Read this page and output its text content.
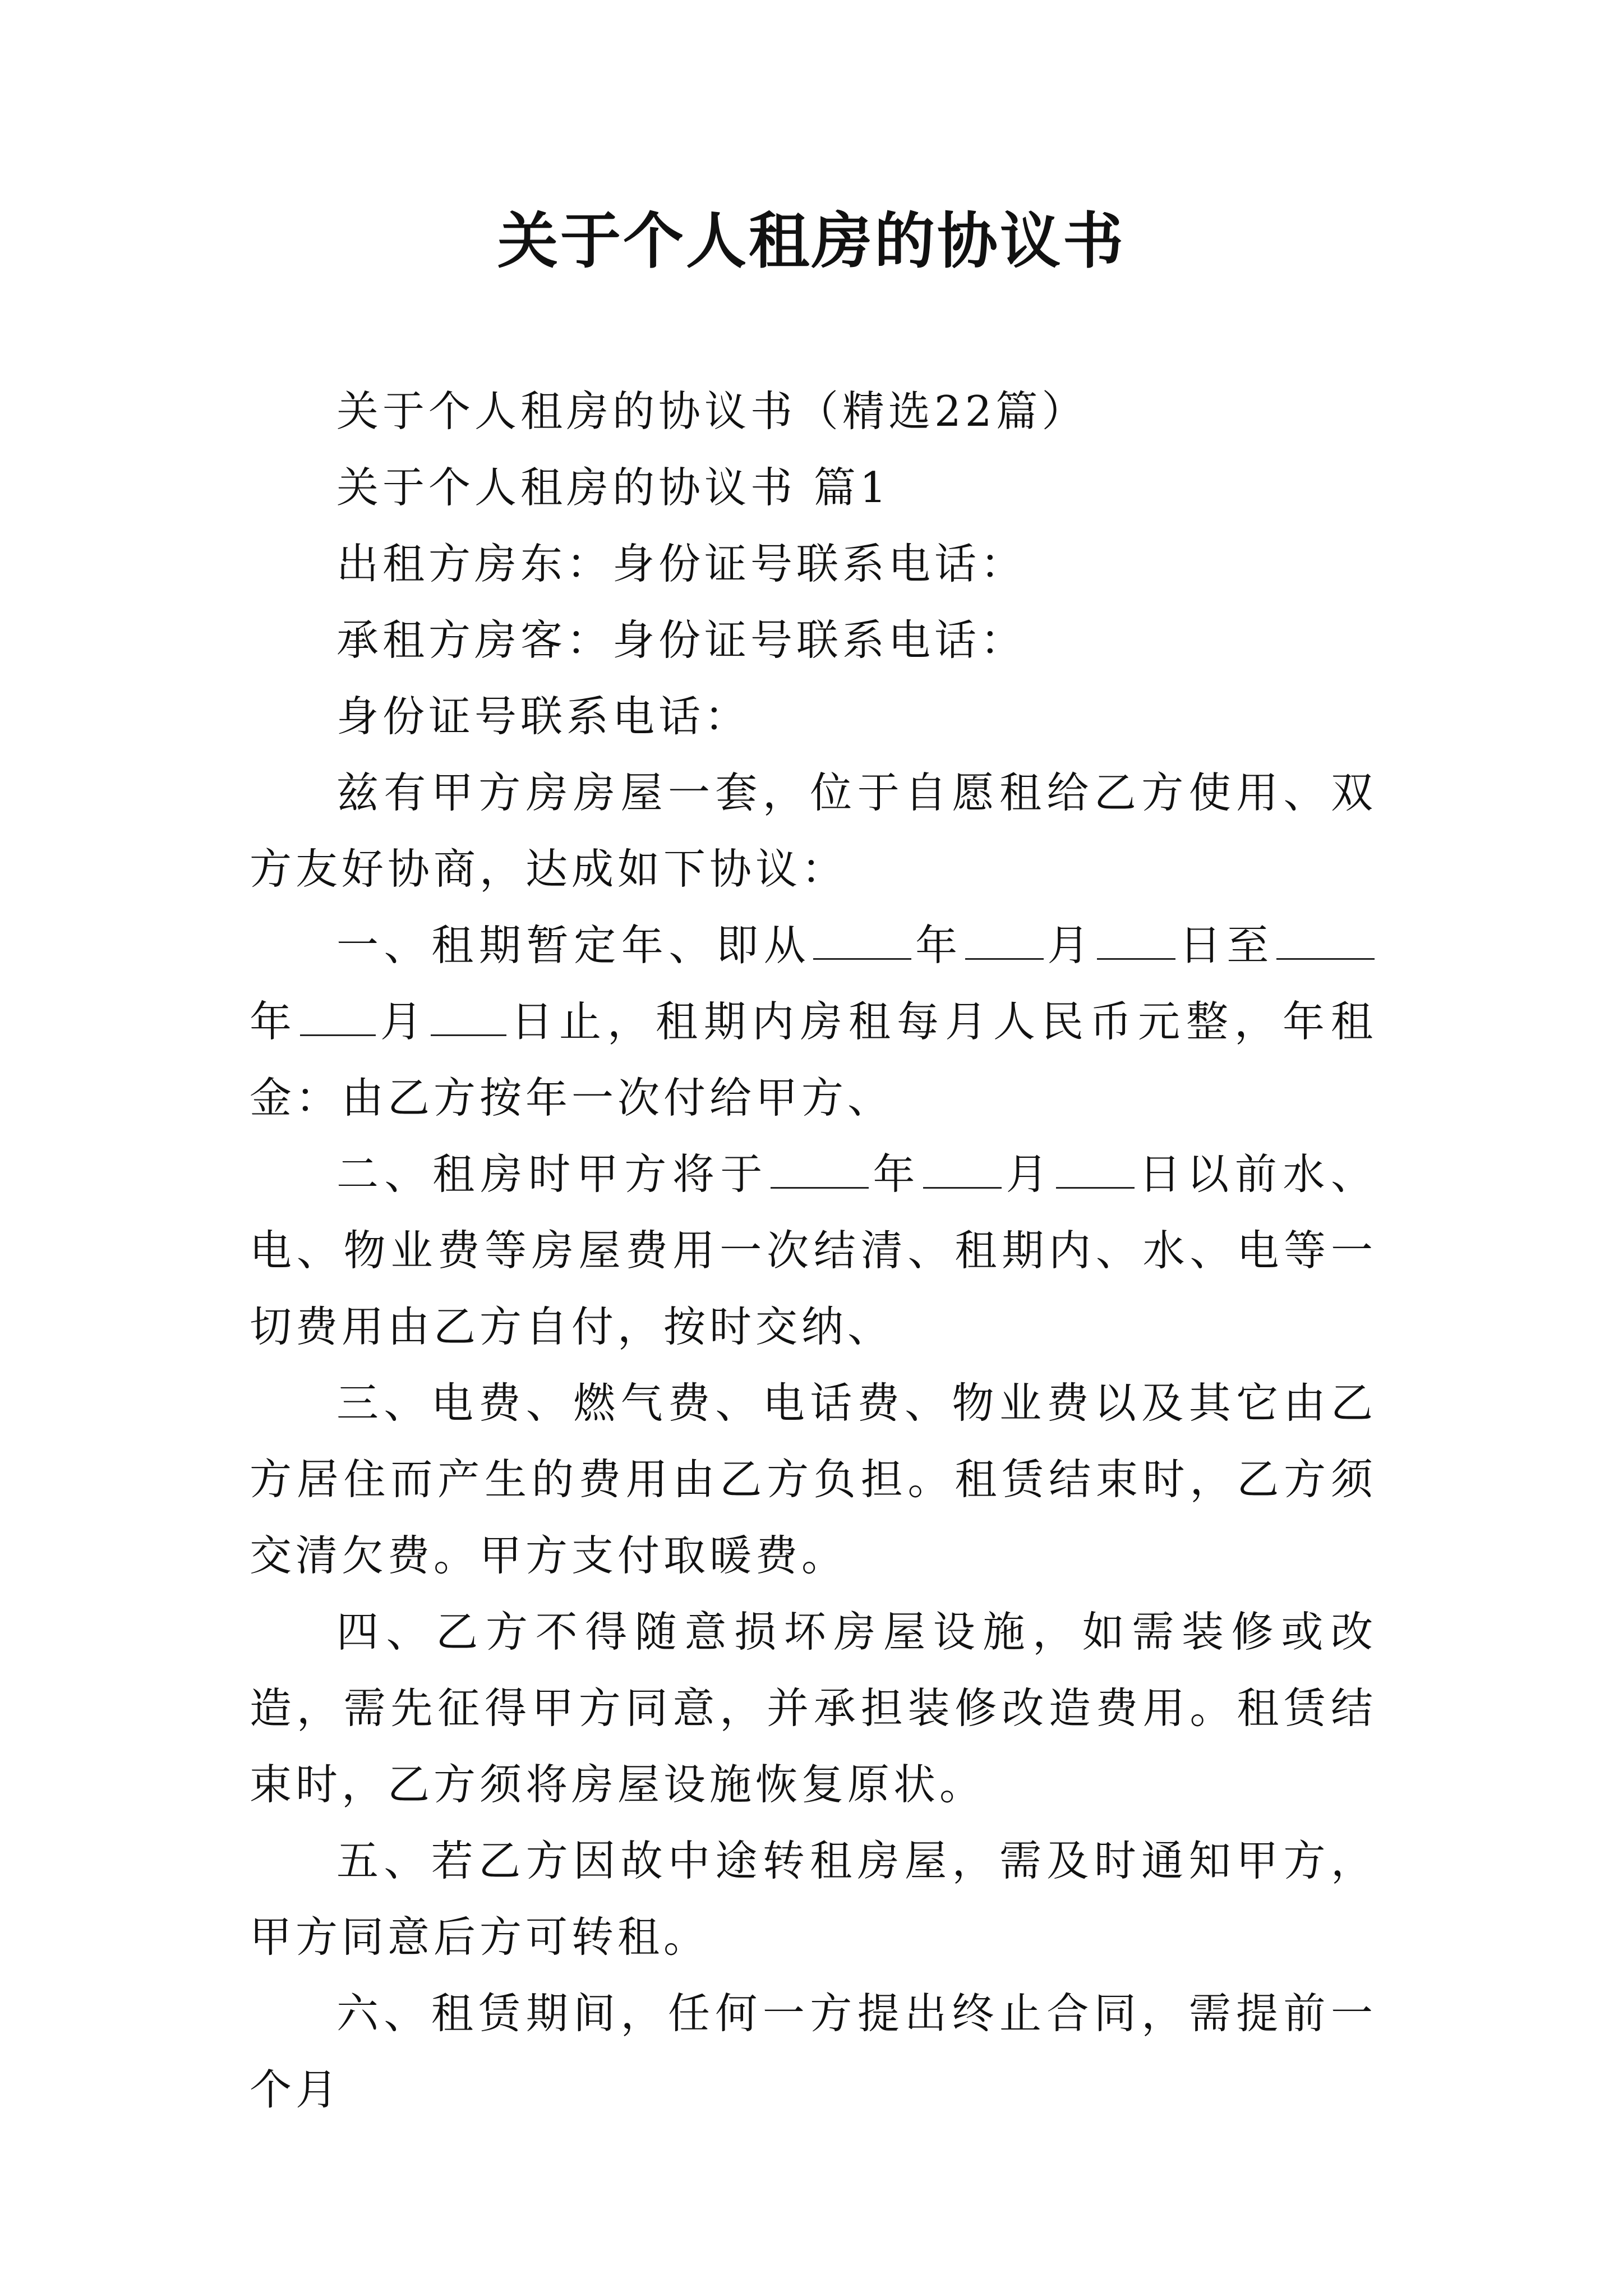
关于个人租房的协议书

关于个人租房的协议书（精选22篇）

关于个人租房的协议书 篇1

出租方房东：身份证号联系电话：

承租方房客：身份证号联系电话：

身份证号联系电话：

兹有甲方房房屋一套，位于自愿租给乙方使用、双方友好协商，达成如下协议：

一、租期暂定年、即从 年 月 日至年 月 日止，租期内房租每月人民币元整，年租金：由乙方按年一次付给甲方、

二、租房时甲方将于 年 月 日以前水、电、物业费等房屋费用一次结清、租期内、水、电等一切费用由乙方自付，按时交纳、

三、电费、燃气费、电话费、物业费以及其它由乙方居住而产生的费用由乙方负担。租赁结束时，乙方须交清欠费。甲方支付取暖费。

四、乙方不得随意损坏房屋设施，如需装修或改造，需先征得甲方同意，并承担装修改造费用。租赁结束时，乙方须将房屋设施恢复原状。

五、若乙方因故中途转租房屋，需及时通知甲方，甲方同意后方可转租。

六、租赁期间，任何一方提出终止合同，需提前一个月
